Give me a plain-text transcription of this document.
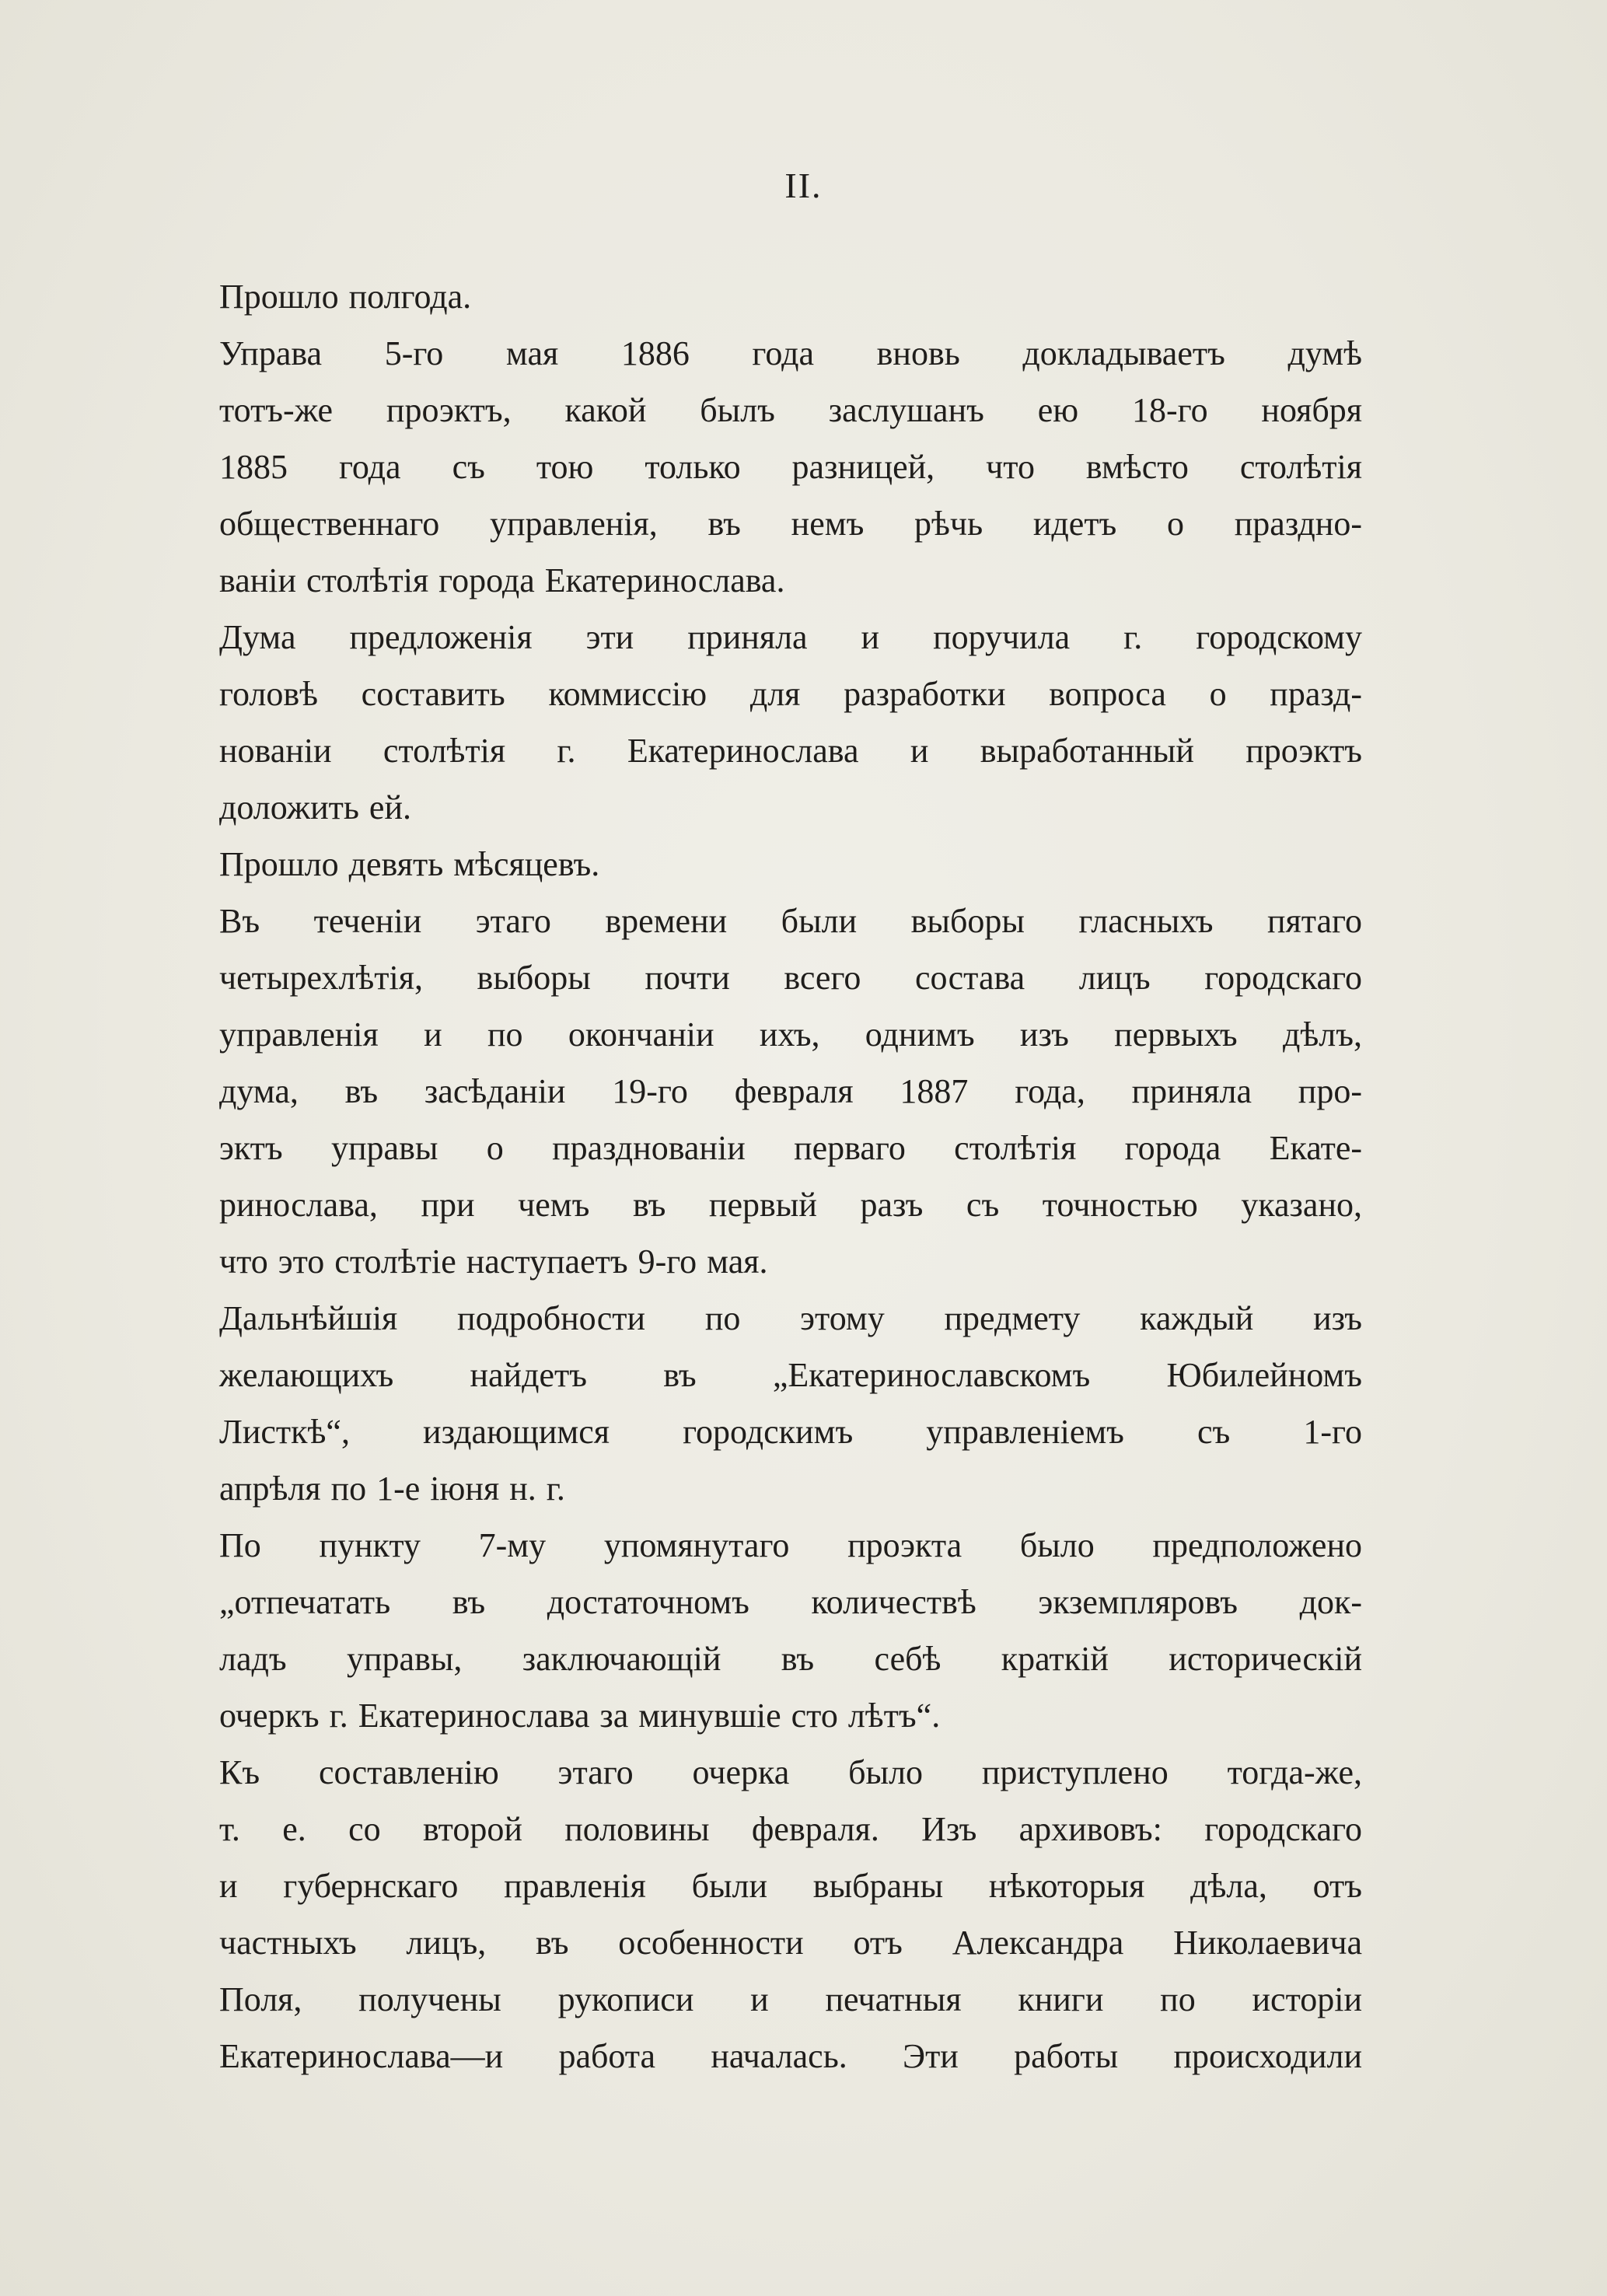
II.
Прошло полгода.
Управа 5-го мая 1886 года вновь докладываетъ думѣ
тотъ-же проэктъ, какой былъ заслушанъ ею 18-го ноября
1885 года съ тою только разницей, что вмѣсто столѣтія
общественнаго управленія, въ немъ рѣчь идетъ о праздно-
ваніи столѣтія города Екатеринослава.
Дума предложенія эти приняла и поручила г. городскому
головѣ составить коммиссію для разработки вопроса о празд-
нованіи столѣтія г. Екатеринослава и выработанный проэктъ
доложить ей.
Прошло девять мѣсяцевъ.
Въ теченіи этаго времени были выборы гласныхъ пятаго
четырехлѣтія, выборы почти всего состава лицъ городскаго
управленія и по окончаніи ихъ, однимъ изъ первыхъ дѣлъ,
дума, въ засѣданіи 19-го февраля 1887 года, приняла про-
эктъ управы о празднованіи перваго столѣтія города Екате-
ринослава, при чемъ въ первый разъ съ точностью указано,
что это столѣтіе наступаетъ 9-го мая.
Дальнѣйшія подробности по этому предмету каждый изъ
желающихъ найдетъ въ „Екатеринославскомъ Юбилейномъ
Листкѣ“, издающимся городскимъ управленіемъ съ 1-го
апрѣля по 1-е іюня н. г.
По пункту 7-му упомянутаго проэкта было предположено
„отпечатать въ достаточномъ количествѣ экземпляровъ док-
ладъ управы, заключающій въ себѣ краткій историческій
очеркъ г. Екатеринослава за минувшіе сто лѣтъ“.
Къ составленію этаго очерка было приступлено тогда-же,
т. е. со второй половины февраля. Изъ архивовъ: городскаго
и губернскаго правленія были выбраны нѣкоторыя дѣла, отъ
частныхъ лицъ, въ особенности отъ Александра Николаевича
Поля, получены рукописи и печатныя книги по исторіи
Екатеринослава—и работа началась. Эти работы происходили
